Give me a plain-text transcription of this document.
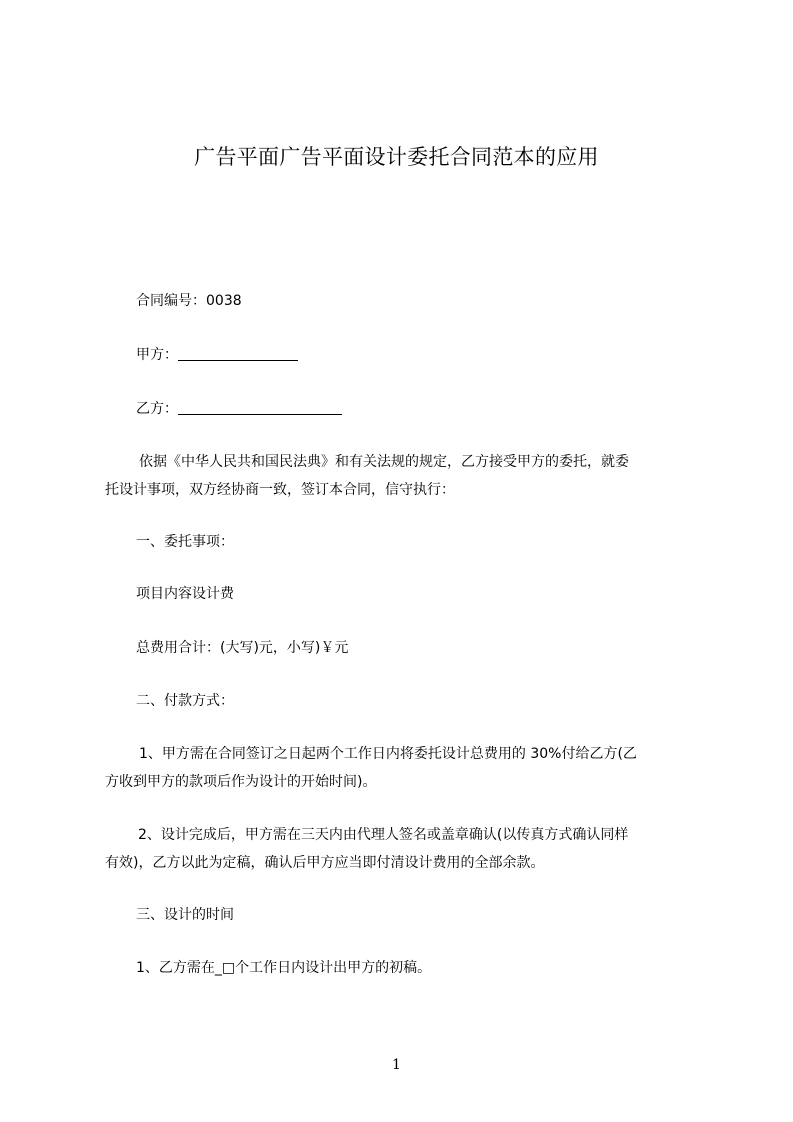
广告平面广告平面设计委托合同范本的应用
合同编号：0038
甲方：
乙方：
依据《中华人民共和国民法典》和有关法规的规定，乙方接受甲方的委托，就委
托设计事项，双方经协商一致，签订本合同，信守执行：
一、委托事项：
项目内容设计费
总费用合计：(大写)元，小写)￥元
二、付款方式：
1、甲方需在合同签订之日起两个工作日内将委托设计总费用的 30%付给乙方(乙
方收到甲方的款项后作为设计的开始时间)。
2、设计完成后，甲方需在三天内由代理人签名或盖章确认(以传真方式确认同样
有效)，乙方以此为定稿，确认后甲方应当即付清设计费用的全部余款。
三、设计的时间
1、乙方需在_□个工作日内设计出甲方的初稿。
1
